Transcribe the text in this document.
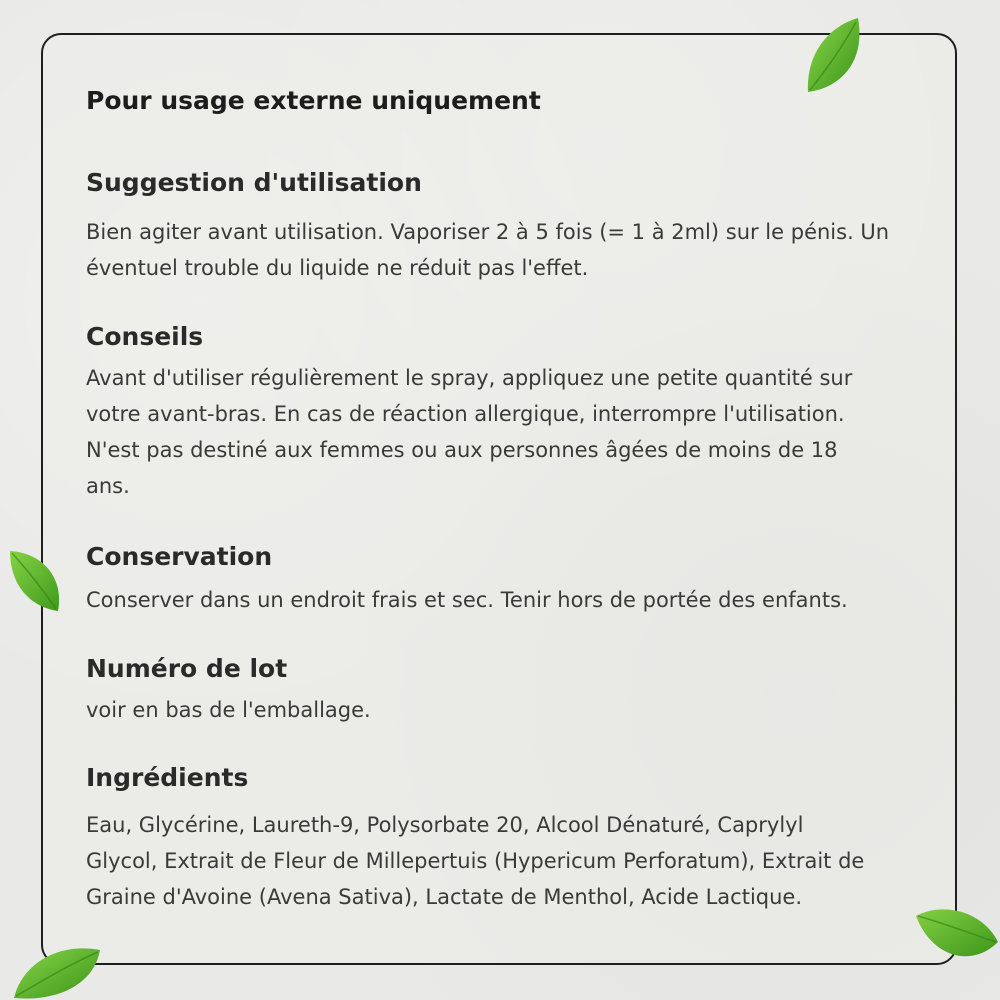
Pour usage externe uniquement
Suggestion d'utilisation

Bien agiter avant utilisation. Vaporiser 2 à 5 fois (= 1 à 2ml) sur le pénis. Un
éventuel trouble du liquide ne réduit pas l'effet.

Conseils

Avant d'utiliser régulièrement le spray, appliquez une petite quantité sur
votre avant-bras. En cas de réaction allergique, interrompre l'utilisation.
N'est pas destiné aux femmes ou aux personnes âgées de moins de 18
ans.

Conservation

Conserver dans un endroit frais et sec. Tenir hors de portée des enfants.

Numéro de lot

voir en bas de l'emballage.

Ingrédients

Eau, Glycérine, Laureth-9, Polysorbate 20, Alcool Dénaturé, Caprylyl
Glycol, Extrait de Fleur de Millepertuis (Hypericum Perforatum), Extrait de
Graine d'Avoine (Avena Sativa), Lactate de Menthol, Acide Lactique.
